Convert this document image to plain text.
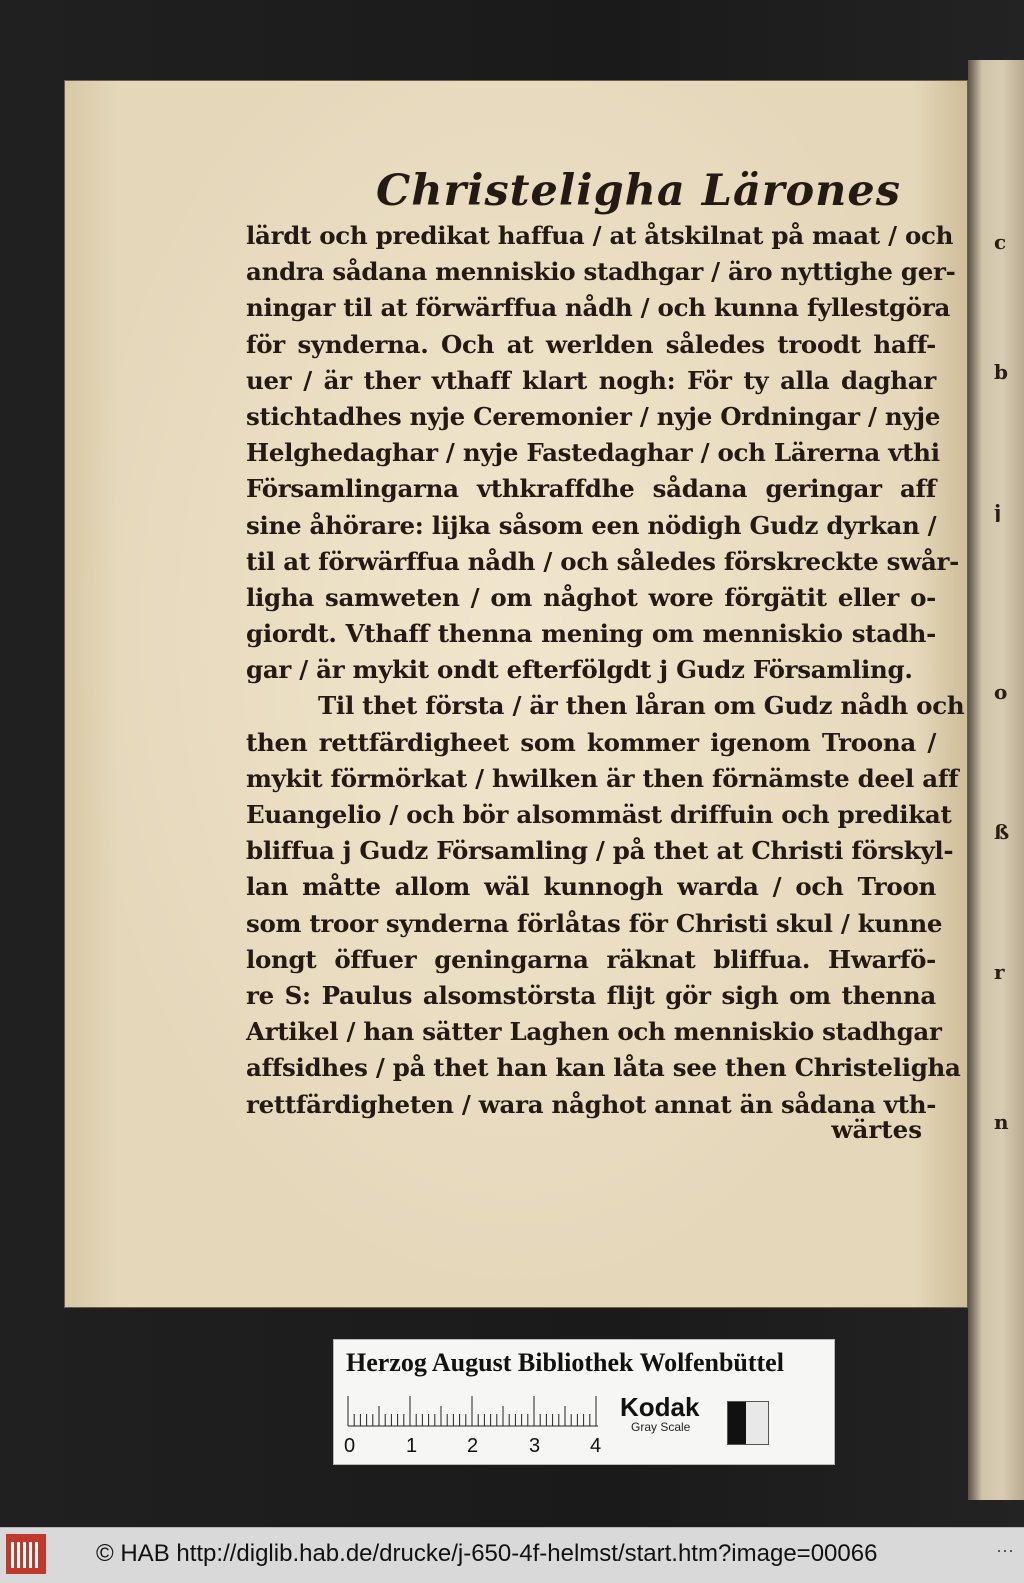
c
b
j
o
ß
r
n
Christeligha Lärones
lärdt och predikat haffua / at åtskilnat på maat / och
andra sådana menniskio stadhgar / äro nyttighe ger-
ningar til at förwärffua nådh / och kunna fyllestgöra
för synderna. Och at werlden således troodt haff-
uer / är ther vthaff klart nogh: För ty alla daghar
stichtadhes nyje Ceremonier / nyje Ordningar / nyje
Helghedaghar / nyje Fastedaghar / och Lärerna vthi
Församlingarna vthkraffdhe sådana geringar aff
sine åhörare: lijka såsom een nödigh Gudz dyrkan /
til at förwärffua nådh / och således förskreckte swår-
ligha samweten / om någhot wore förgätit eller o-
giordt. Vthaff thenna mening om menniskio stadh-
gar / är mykit ondt efterfölgdt j Gudz Församling.
Til thet första / är then låran om Gudz nådh och
then rettfärdigheet som kommer igenom Troona /
mykit förmörkat / hwilken är then förnämste deel aff
Euangelio / och bör alsommäst driffuin och predikat
bliffua j Gudz Församling / på thet at Christi förskyl-
lan måtte allom wäl kunnogh warda / och Troon
som troor synderna förlåtas för Christi skul / kunne
longt öffuer geningarna räknat bliffua. Hwarfö-
re S: Paulus alsomstörsta flijt gör sigh om thenna
Artikel / han sätter Laghen och menniskio stadhgar
affsidhes / på thet han kan låta see then Christeligha
rettfärdigheten / wara någhot annat än sådana vth-
wärtes
Herzog August Bibliothek Wolfenbüttel
Kodak
Gray Scale
0	1 2	3 4
© HAB http://diglib.hab.de/drucke/j-650-4f-helmst/start.htm?image=00066	···
